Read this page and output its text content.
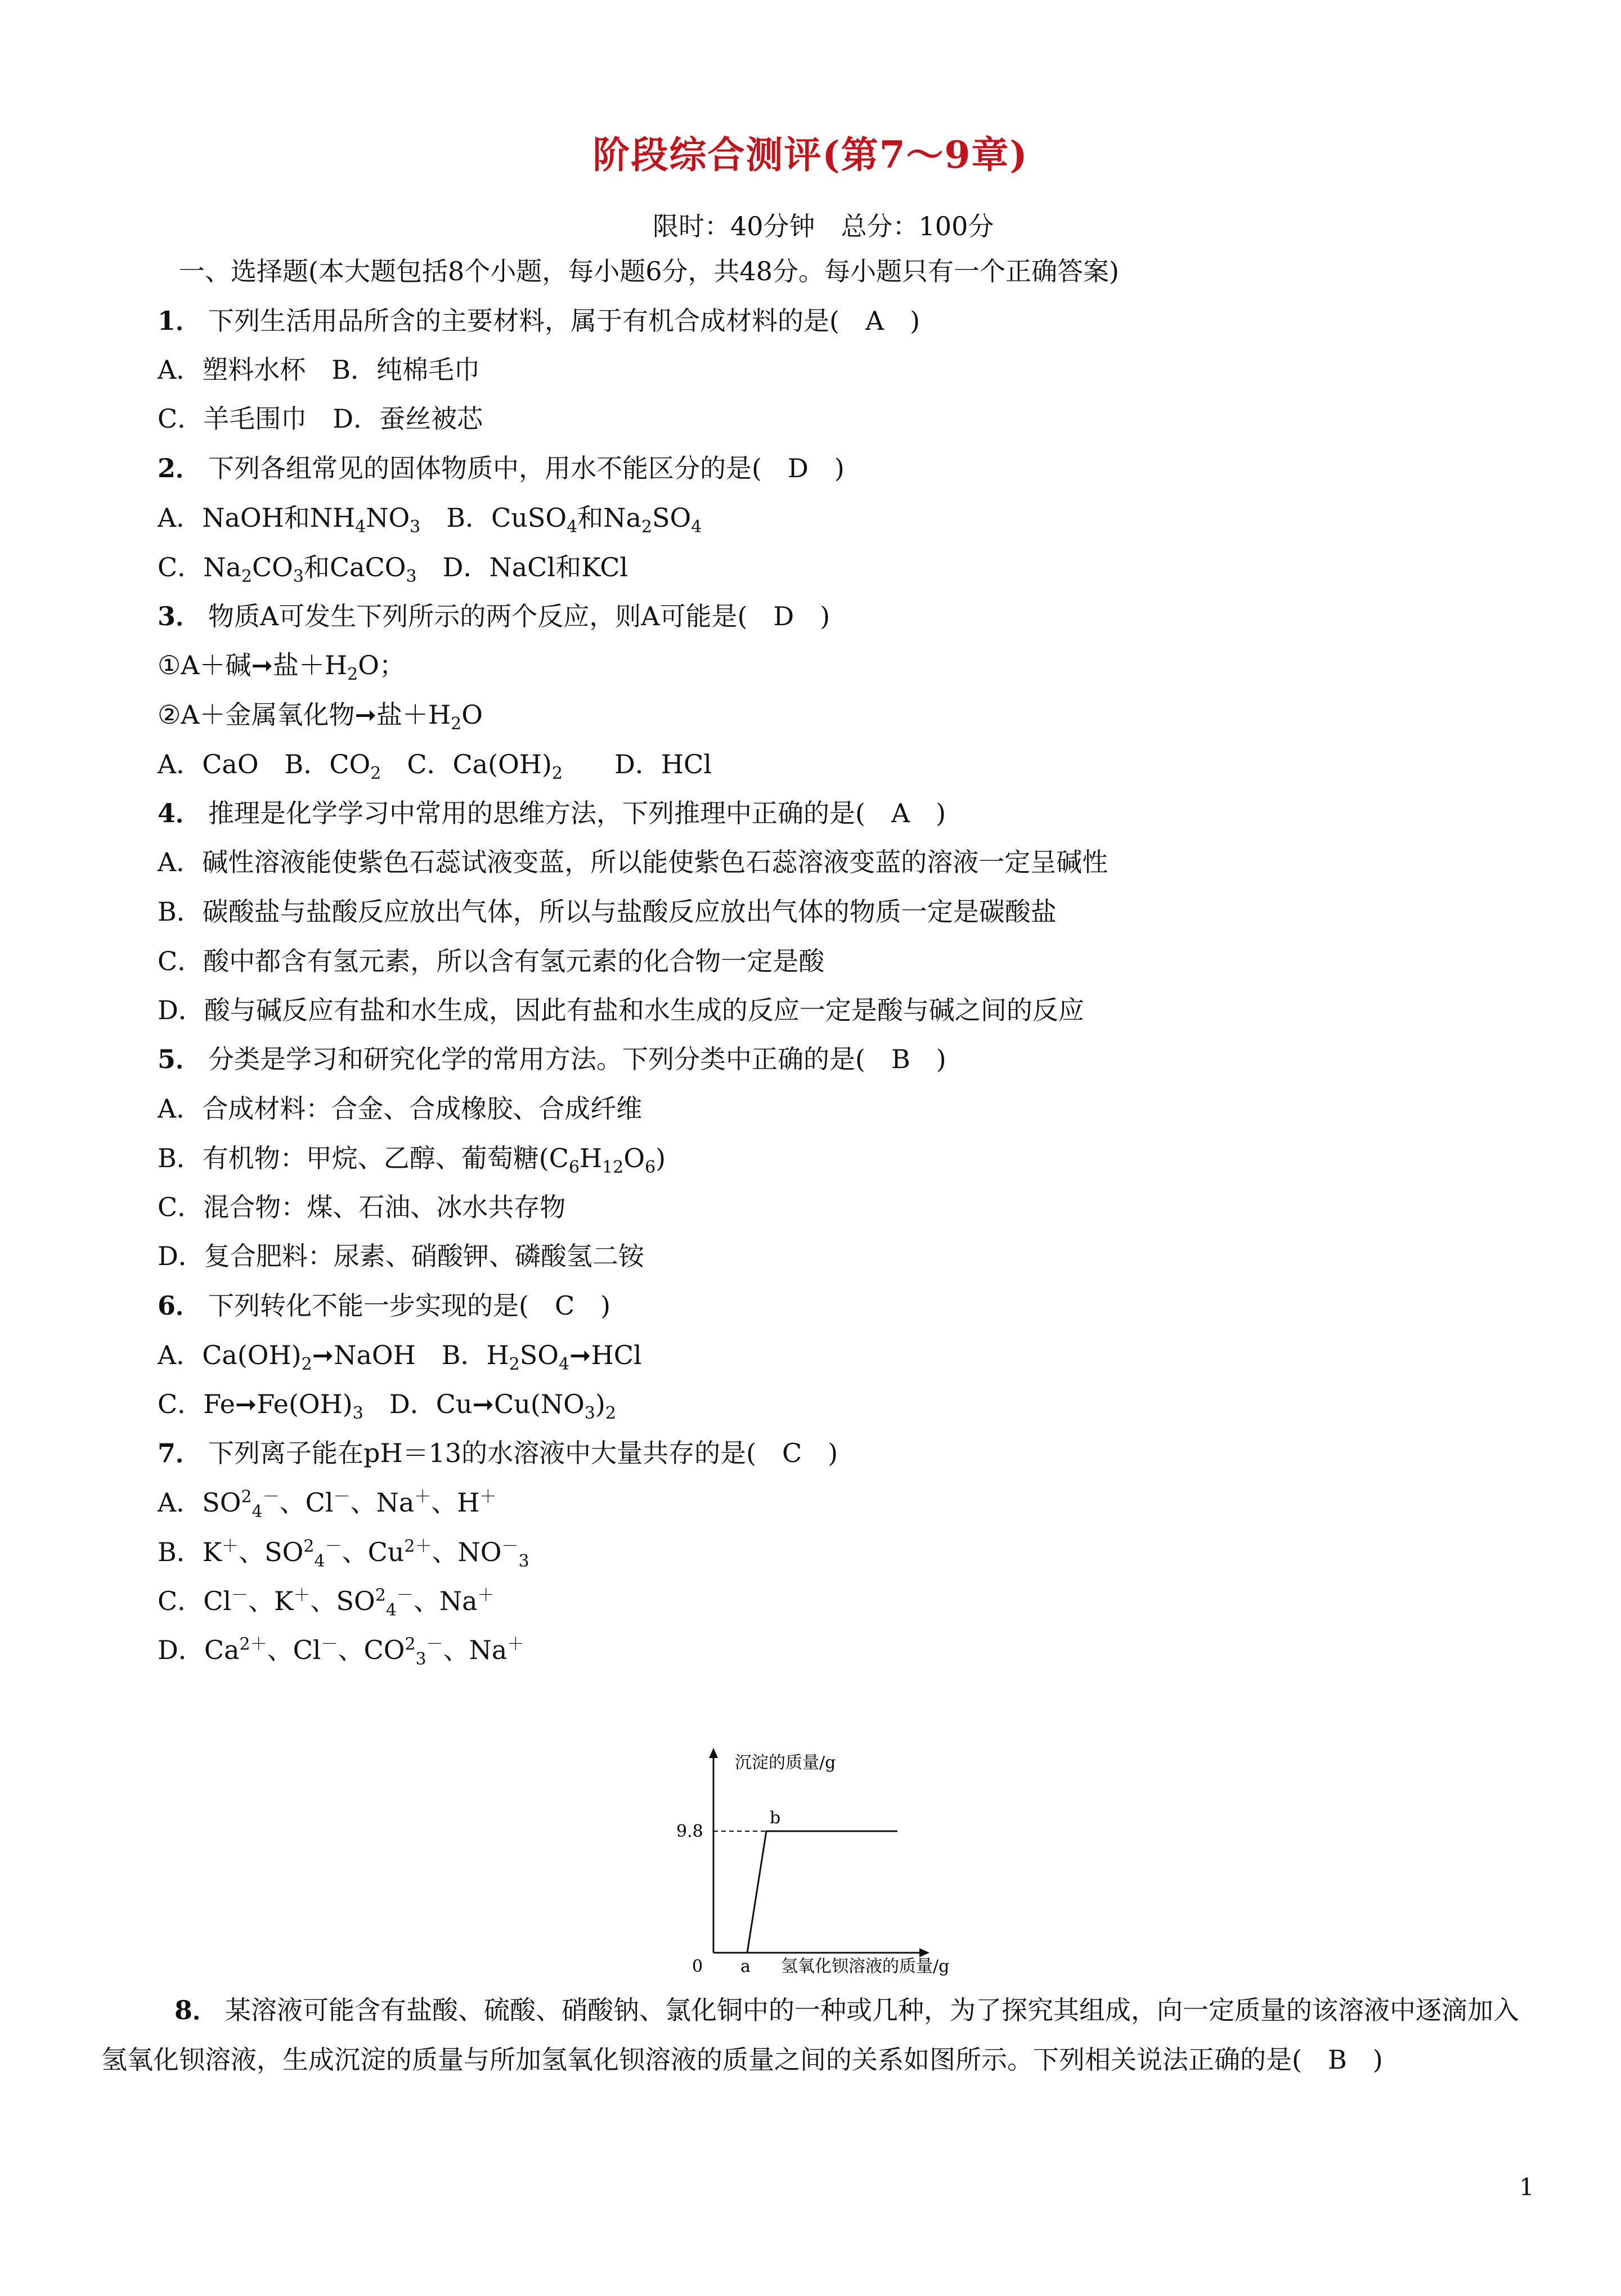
阶段综合测评(第7～9章)
限时：40分钟　总分：100分
一、选择题(本大题包括8个小题，每小题6分，共48分。每小题只有一个正确答案)
1． 下列生活用品所含的主要材料，属于有机合成材料的是(　A　)
A．塑料水杯　B．纯棉毛巾
C．羊毛围巾　D．蚕丝被芯
2． 下列各组常见的固体物质中，用水不能区分的是(　D　)
A．NaOH和$NH_4NO_3$　B．CuSO$_4$和$Na_2SO_4$
C．$Na_2CO_3$和CaCO$_3$　D．NaCl和KCl
3． 物质A可发生下列所示的两个反应，则A可能是(　D　)
①A＋碱➞盐$+H_2O$；
②A＋金属氧化物➞盐$+H_2O$
A．CaO　B．$CO_2$　C．$Ca(OH)_2$　　D．HCl
4． 推理是化学学习中常用的思维方法，下列推理中正确的是(　A　)
A．碱性溶液能使紫色石蕊试液变蓝，所以能使紫色石蕊溶液变蓝的溶液一定呈碱性
B．碳酸盐与盐酸反应放出气体，所以与盐酸反应放出气体的物质一定是碳酸盐
C．酸中都含有氢元素，所以含有氢元素的化合物一定是酸
D．酸与碱反应有盐和水生成，因此有盐和水生成的反应一定是酸与碱之间的反应
5． 分类是学习和研究化学的常用方法。下列分类中正确的是(　B　)
A．合成材料：合金、合成橡胶、合成纤维
B．有机物：甲烷、乙醇、葡萄糖$(C_6H_{12}O_6)$
C．混合物：煤、石油、冰水共存物
D．复合肥料：尿素、硝酸钾、磷酸氢二铵
6． 下列转化不能一步实现的是(　C　)
A．$Ca(OH)_2➞NaOH$　B．$H_2SO_4➞HCl$
C．$Fe➞Fe(OH)_3$　D．$Cu➞Cu(NO_3)_2$
7． 下列离子能在pH＝13的水溶液中大量共存的是(　C　)
A．$SO^2_4^-$、Cl－、Na＋、H＋
B．K＋、$SO^2_4^-$、$Cu^{2+}$、$NO^-_3$
C．Cl－、K＋、$SO^2_4^-$、Na＋
D．$Ca^{2+}$、Cl－、$CO^2_3^-$、Na＋
沉淀的质量/g
9.8
0 a
b
氢氧化钡溶液的质量/g
8． 某溶液可能含有盐酸、硫酸、硝酸钠、氯化铜中的一种或几种，为了探究其组成，向一定质量的该溶液中逐滴加入氢氧化钡溶液，生成沉淀的质量与所加氢氧化钡溶液的质量之间的关系如图所示。下列相关说法正确的是(　B　)
1
